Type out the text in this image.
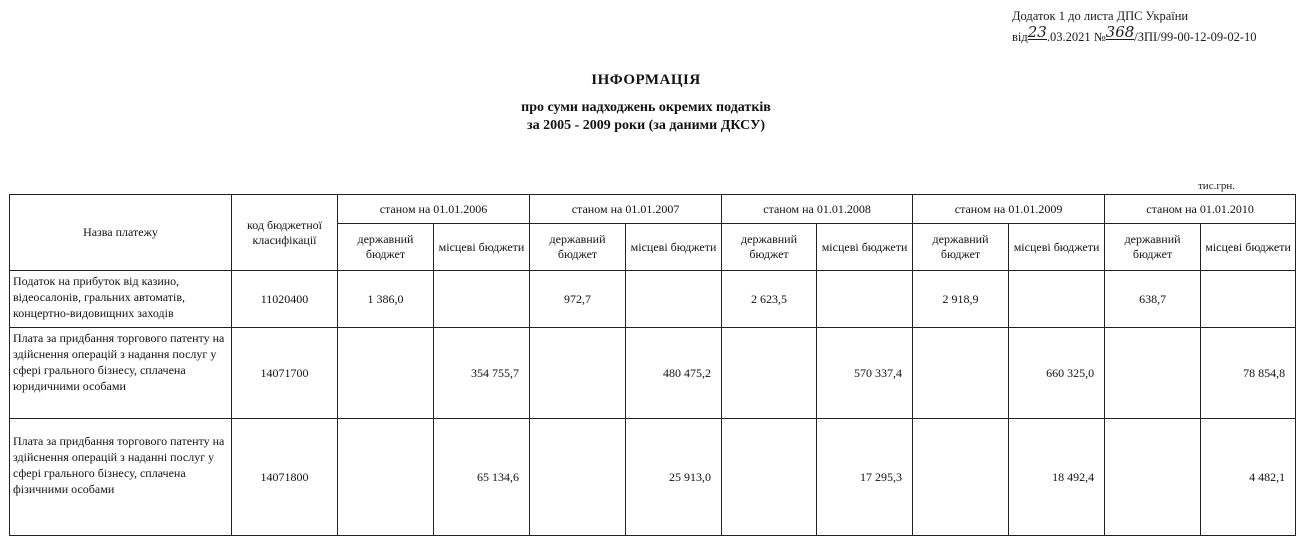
Додаток 1 до листа ДПС України
від23.03.2021 №368/ЗПІ/99-00-12-09-02-10
ІНФОРМАЦІЯ
про суми надходжень окремих податків
за 2005 - 2009 роки (за даними ДКСУ)
тис.грн.
Назва платежу	код бюджетної класифікації	станом на 01.01.2006		станом на 01.01.2007		станом на 01.01.2008		станом на 01.01.2009		станом на 01.01.2010	
		державний бюджет	місцеві бюджети	державний бюджет	місцеві бюджети	державний бюджет	місцеві бюджети	державний бюджет	місцеві бюджети	державний бюджет	місцеві бюджети
Податок на прибуток від казино, відеосалонів, гральних автоматів, концертно-видовищних заходів	11020400	1 386,0		972,7		2 623,5		2 918,9		638,7	
Плата за придбання торгового патенту на здійснення операцій з надання послуг у сфері грального бізнесу, сплачена юридичними особами	14071700		354 755,7		480 475,2		570 337,4		660 325,0		78 854,8
Плата за придбання торгового патенту на здійснення операцій з наданні послуг у сфері грального бізнесу, сплачена фізичними особами	14071800		65 134,6		25 913,0		17 295,3		18 492,4		4 482,1
